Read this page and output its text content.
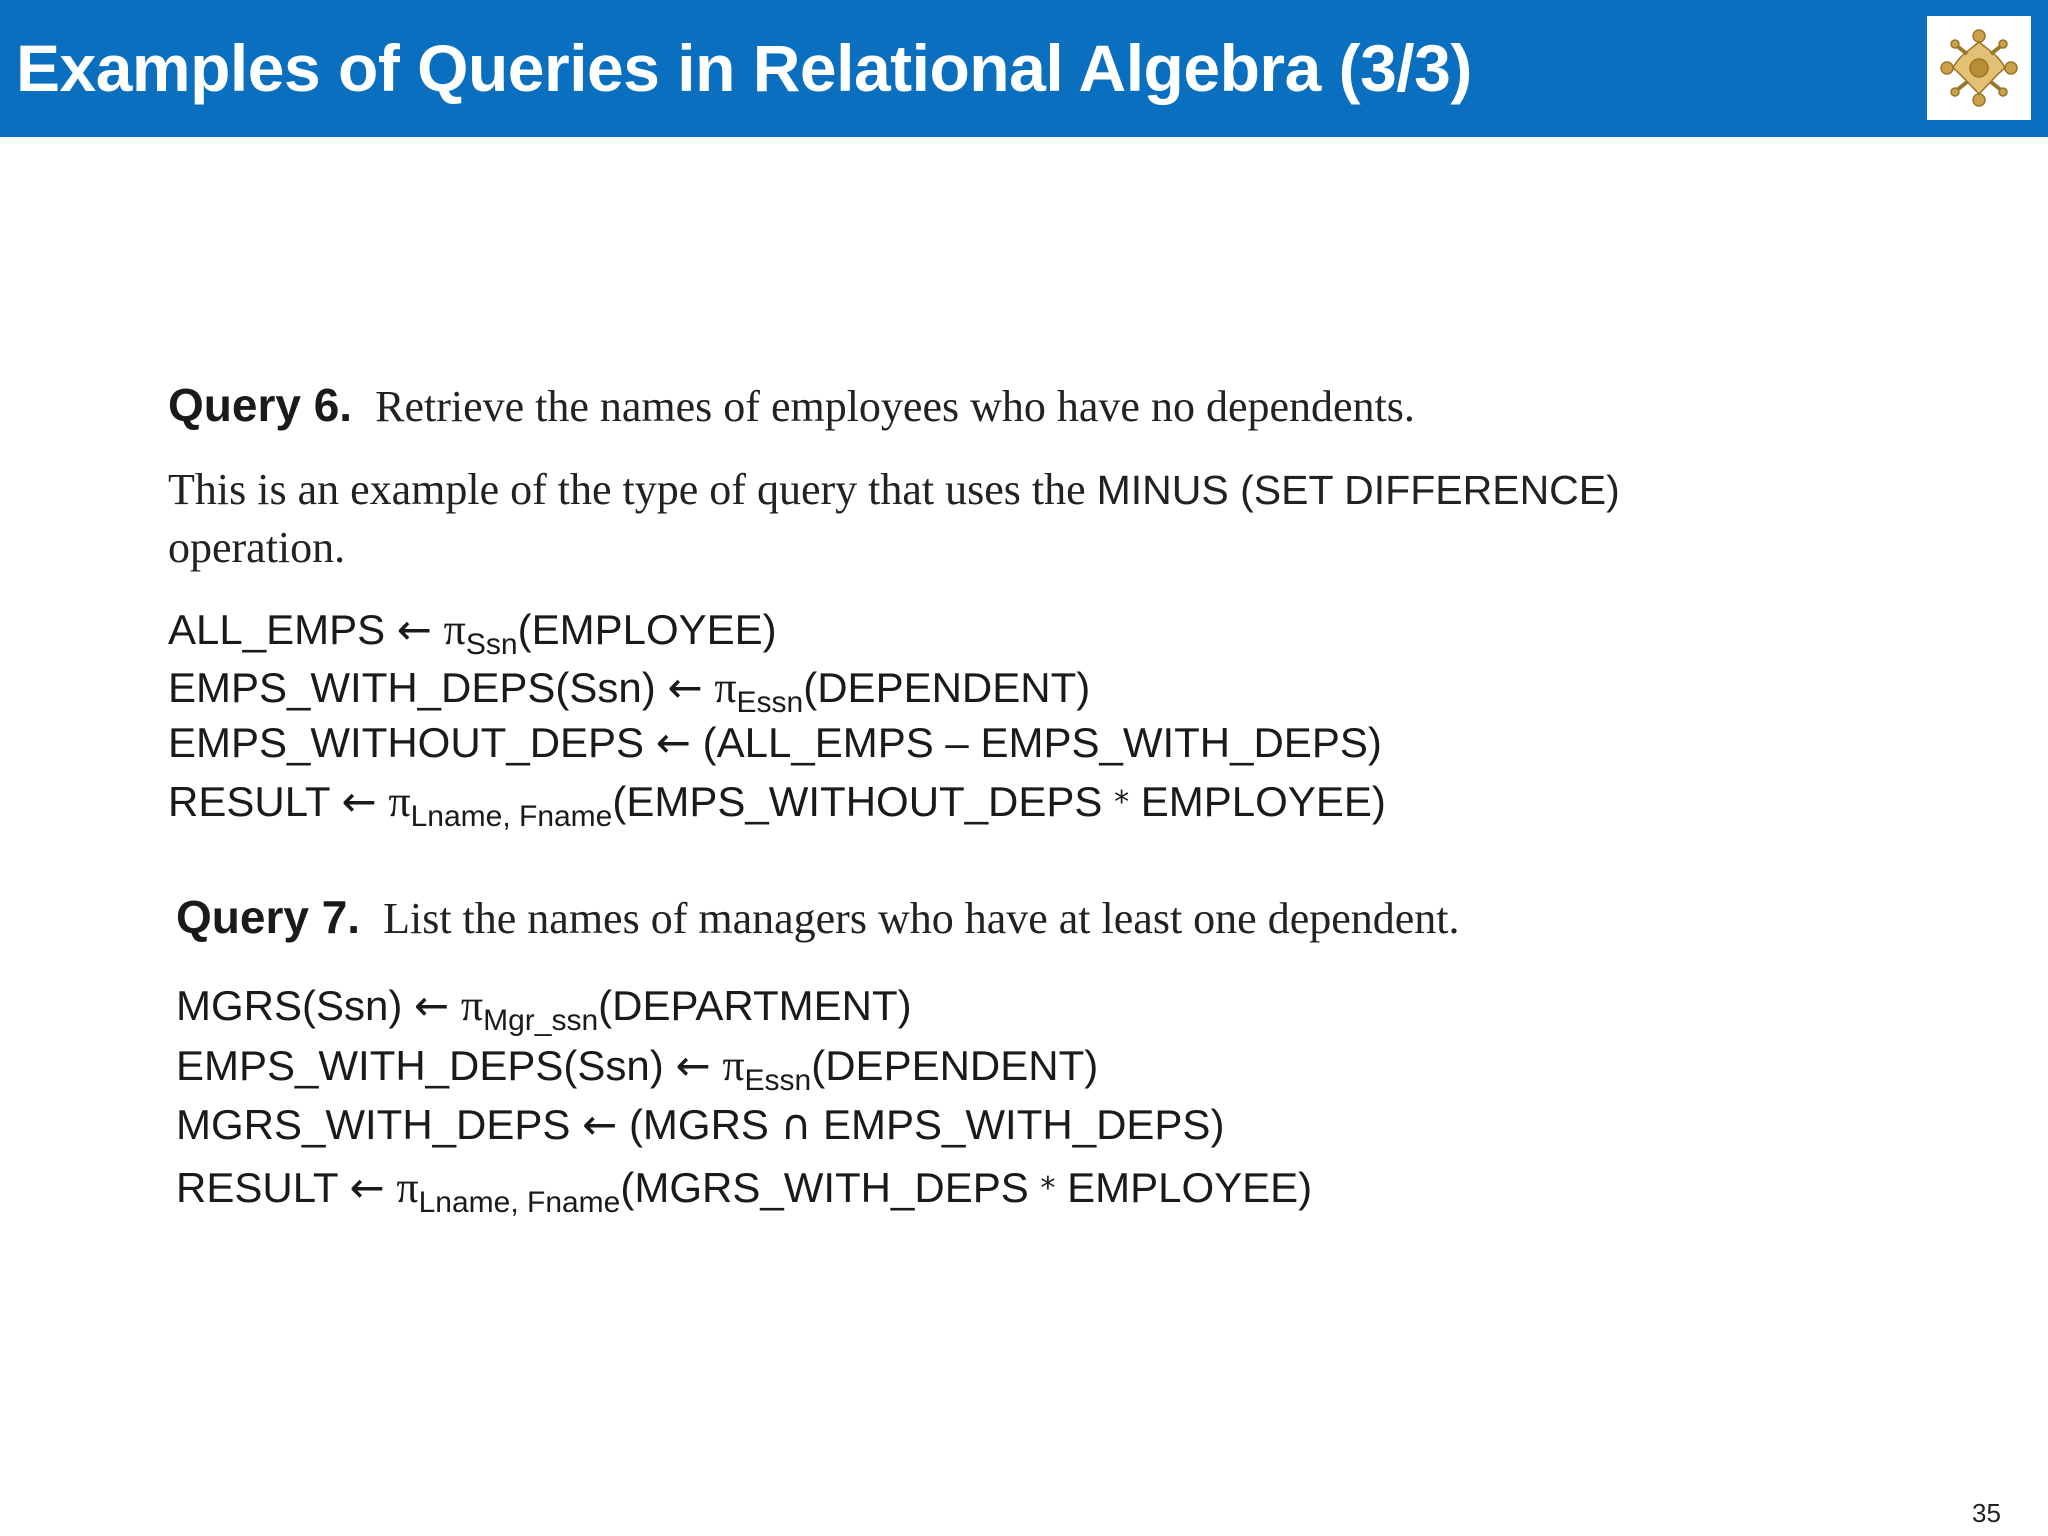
Examples of Queries in Relational Algebra (3/3)

Query 6. Retrieve the names of employees who have no dependents.

This is an example of the type of query that uses the MINUS (SET DIFFERENCE)

operation.

ALL_EMPS ← $\pi_{Ssn}(EMPLOYEE)$

EMPS_WITH_DEPS(Ssn) ← $\pi_{Essn}(DEPENDENT)$

EMPS_WITHOUT_DEPS ← (ALL_EMPS – EMPS_WITH_DEPS)

RESULT ← $\pi_{Lname, Fname}(EMPS\_WITHOUT\_DEPS$ * EMPLOYEE)

Query 7. List the names of managers who have at least one dependent.

MGRS(Ssn) ← $\pi_{Mgr\_ssn}(DEPARTMENT)$

EMPS_WITH_DEPS(Ssn) ← $\pi_{Essn}(DEPENDENT)$

MGRS_WITH_DEPS ← (MGRS ∩ EMPS_WITH_DEPS)

RESULT ← $\pi_{Lname, Fname}(MGRS\_WITH\_DEPS$ * EMPLOYEE)

35
